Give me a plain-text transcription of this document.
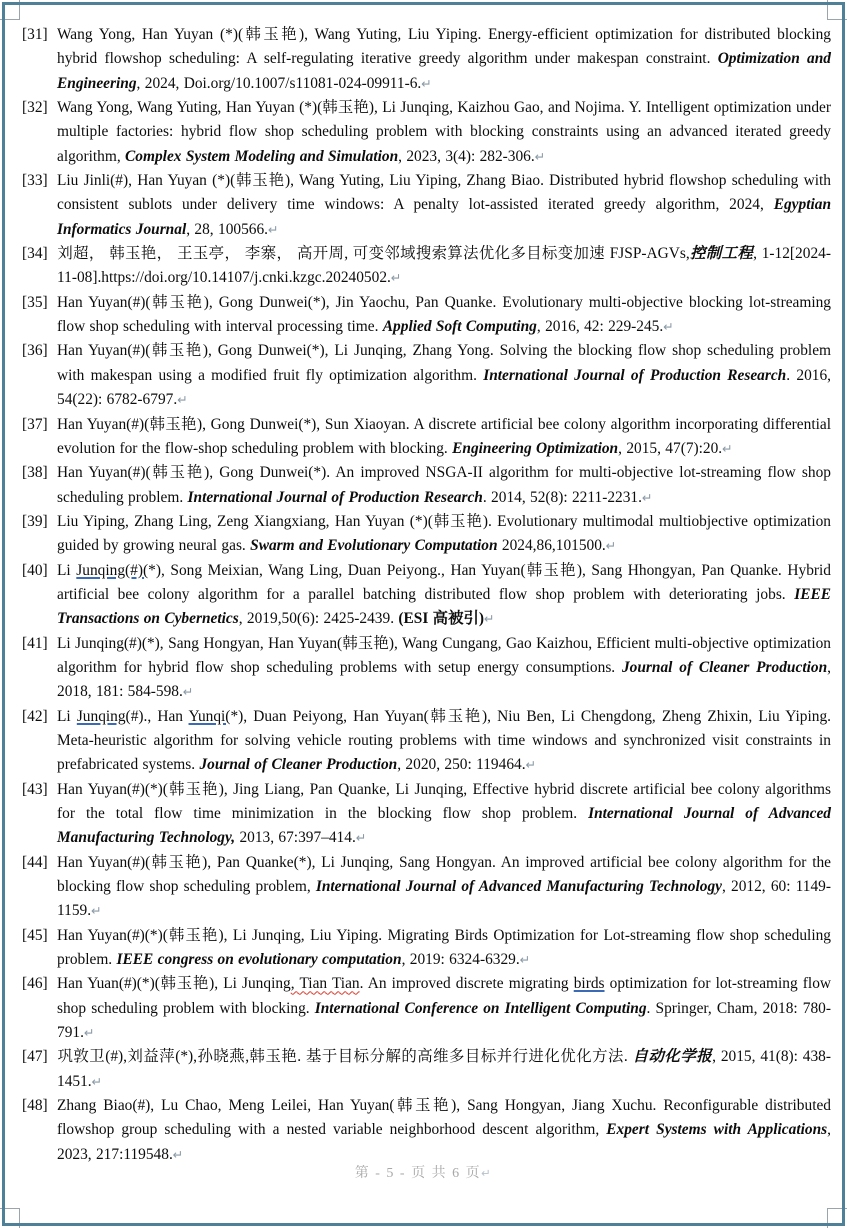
[31] Wang Yong, Han Yuyan (*)(韩玉艳), Wang Yuting, Liu Yiping. Energy-efficient optimization for distributed blocking hybrid flowshop scheduling: A self-regulating iterative greedy algorithm under makespan constraint. Optimization and Engineering, 2024, Doi.org/10.1007/s11081-024-09911-6.↵

[32] Wang Yong, Wang Yuting, Han Yuyan (*)(韩玉艳), Li Junqing, Kaizhou Gao, and Nojima. Y. Intelligent optimization under multiple factories: hybrid flow shop scheduling problem with blocking constraints using an advanced iterated greedy algorithm, Complex System Modeling and Simulation, 2023, 3(4): 282-306.↵

[33] Liu Jinli(#), Han Yuyan (*)(韩玉艳), Wang Yuting, Liu Yiping, Zhang Biao. Distributed hybrid flowshop scheduling with consistent sublots under delivery time windows: A penalty lot-assisted iterated greedy algorithm, 2024, Egyptian Informatics Journal, 28, 100566.↵

[34] 刘超， 韩玉艳， 王玉亭， 李寨， 高开周, 可变邻域搜索算法优化多目标变加速 FJSP-AGVs,控制工程, 1-12[2024-11-08].https://doi.org/10.14107/j.cnki.kzgc.20240502.↵

[35] Han Yuyan(#)(韩玉艳), Gong Dunwei(*), Jin Yaochu, Pan Quanke. Evolutionary multi-objective blocking lot-streaming flow shop scheduling with interval processing time. Applied Soft Computing, 2016, 42: 229-245.↵

[36] Han Yuyan(#)(韩玉艳), Gong Dunwei(*), Li Junqing, Zhang Yong. Solving the blocking flow shop scheduling problem with makespan using a modified fruit fly optimization algorithm. International Journal of Production Research. 2016, 54(22): 6782-6797.↵

[37] Han Yuyan(#)(韩玉艳), Gong Dunwei(*), Sun Xiaoyan. A discrete artificial bee colony algorithm incorporating differential evolution for the flow-shop scheduling problem with blocking. Engineering Optimization, 2015, 47(7):20.↵

[38] Han Yuyan(#)(韩玉艳), Gong Dunwei(*). An improved NSGA-II algorithm for multi-objective lot-streaming flow shop scheduling problem. International Journal of Production Research. 2014, 52(8): 2211-2231.↵

[39] Liu Yiping, Zhang Ling, Zeng Xiangxiang, Han Yuyan (*)(韩玉艳). Evolutionary multimodal multiobjective optimization guided by growing neural gas. Swarm and Evolutionary Computation 2024,86,101500.↵

[40] Li Junqing(#)(*), Song Meixian, Wang Ling, Duan Peiyong., Han Yuyan(韩玉艳), Sang Hhongyan, Pan Quanke. Hybrid artificial bee colony algorithm for a parallel batching distributed flow shop problem with deteriorating jobs. IEEE Transactions on Cybernetics, 2019,50(6): 2425-2439. (ESI 高被引)↵

[41] Li Junqing(#)(*), Sang Hongyan, Han Yuyan(韩玉艳), Wang Cungang, Gao Kaizhou, Efficient multi-objective optimization algorithm for hybrid flow shop scheduling problems with setup energy consumptions. Journal of Cleaner Production, 2018, 181: 584-598.↵

[42] Li Junqing(#)., Han Yunqi(*), Duan Peiyong, Han Yuyan(韩玉艳), Niu Ben, Li Chengdong, Zheng Zhixin, Liu Yiping. Meta-heuristic algorithm for solving vehicle routing problems with time windows and synchronized visit constraints in prefabricated systems. Journal of Cleaner Production, 2020, 250: 119464.↵

[43] Han Yuyan(#)(*)(韩玉艳), Jing Liang, Pan Quanke, Li Junqing, Effective hybrid discrete artificial bee colony algorithms for the total flow time minimization in the blocking flow shop problem. International Journal of Advanced Manufacturing Technology, 2013, 67:397–414.↵

[44] Han Yuyan(#)(韩玉艳), Pan Quanke(*), Li Junqing, Sang Hongyan. An improved artificial bee colony algorithm for the blocking flow shop scheduling problem, International Journal of Advanced Manufacturing Technology, 2012, 60: 1149-1159.↵

[45] Han Yuyan(#)(*)(韩玉艳), Li Junqing, Liu Yiping. Migrating Birds Optimization for Lot-streaming flow shop scheduling problem. IEEE congress on evolutionary computation, 2019: 6324-6329.↵

[46] Han Yuan(#)(*)(韩玉艳), Li Junqing, Tian Tian. An improved discrete migrating birds optimization for lot-streaming flow shop scheduling problem with blocking. International Conference on Intelligent Computing. Springer, Cham, 2018: 780-791.↵

[47] 巩敦卫(#),刘益萍(*),孙晓燕,韩玉艳. 基于目标分解的高维多目标并行进化优化方法. 自动化学报, 2015, 41(8): 438-1451.↵

[48] Zhang Biao(#), Lu Chao, Meng Leilei, Han Yuyan(韩玉艳), Sang Hongyan, Jiang Xuchu. Reconfigurable distributed flowshop group scheduling with a nested variable neighborhood descent algorithm, Expert Systems with Applications, 2023, 217:119548.↵

第 - 5 - 页 共 6 页↵
